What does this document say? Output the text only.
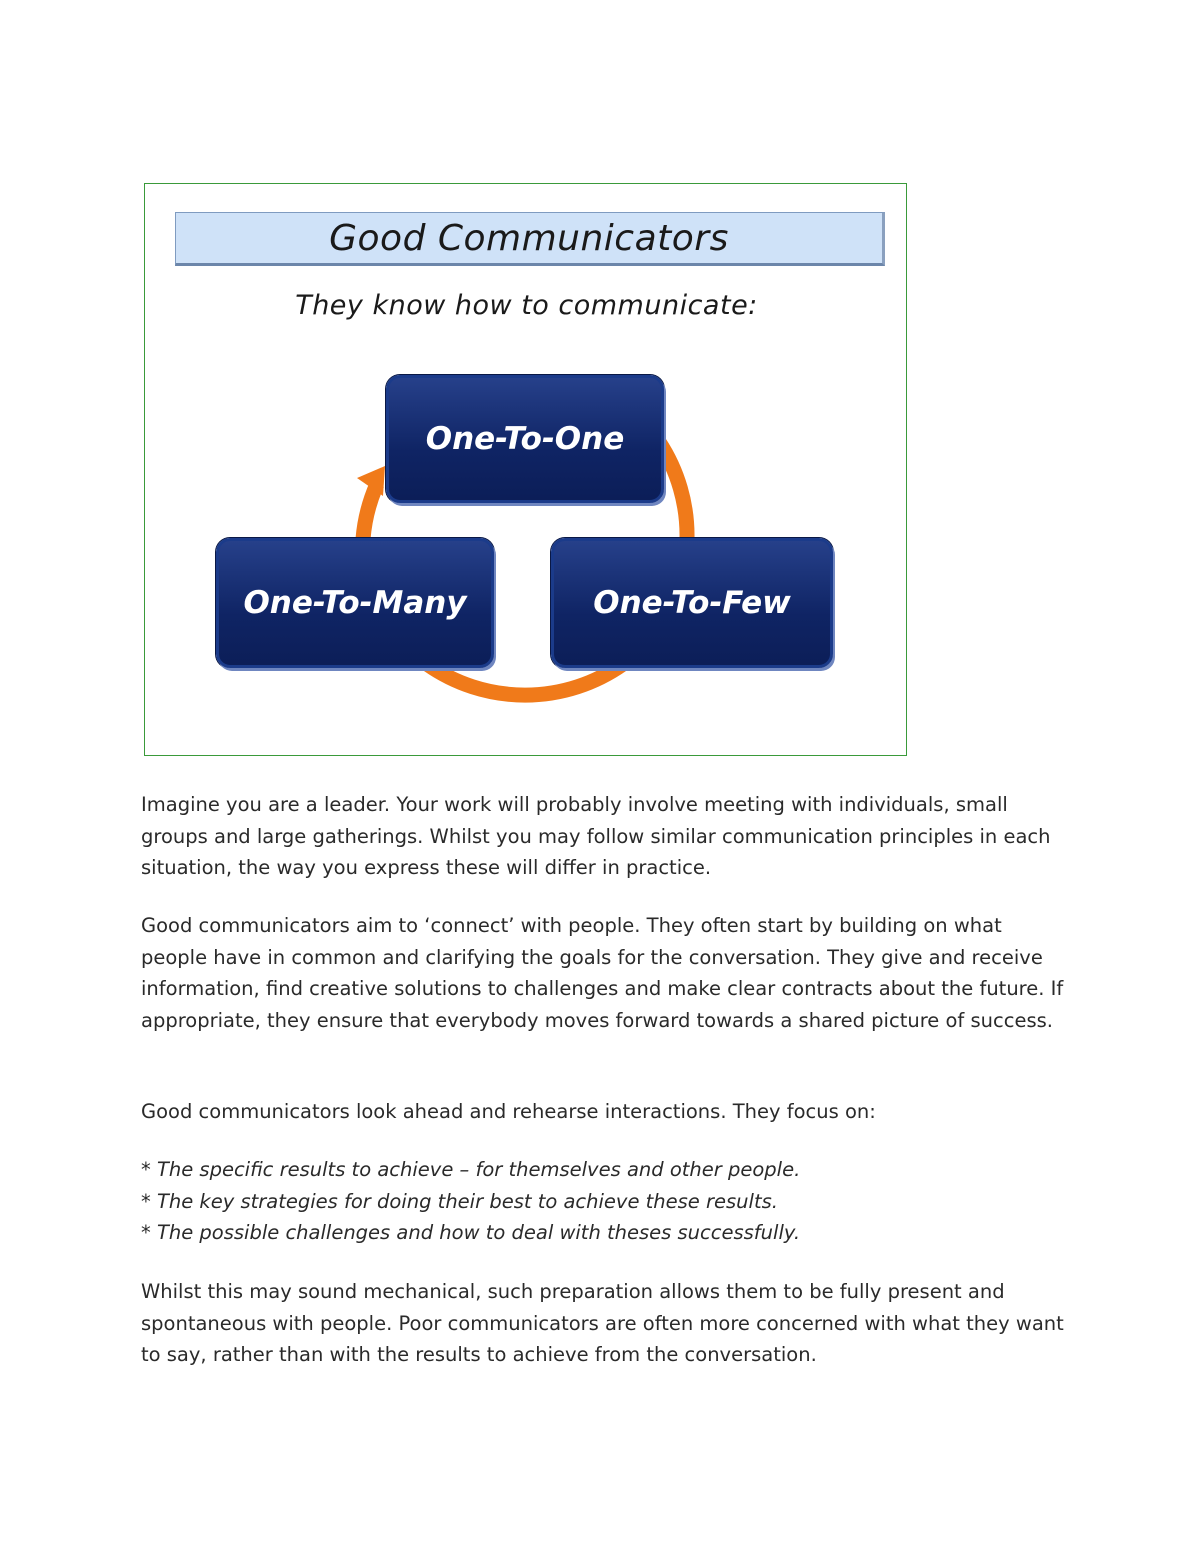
Good Communicators
They know how to communicate:
One-To-One
One-To-Few
One-To-Many

Imagine you are a leader. Your work will probably involve meeting with individuals, small groups and large gatherings. Whilst you may follow similar communication principles in each situation, the way you express these will differ in practice.

Good communicators aim to ‘connect’ with people. They often start by building on what people have in common and clarifying the goals for the conversation. They give and receive information, find creative solutions to challenges and make clear contracts about the future. If appropriate, they ensure that everybody moves forward towards a shared picture of success.

Good communicators look ahead and rehearse interactions. They focus on:

* The specific results to achieve – for themselves and other people.
* The key strategies for doing their best to achieve these results.
* The possible challenges and how to deal with theses successfully.

Whilst this may sound mechanical, such preparation allows them to be fully present and spontaneous with people. Poor communicators are often more concerned with what they want to say, rather than with the results to achieve from the conversation.
